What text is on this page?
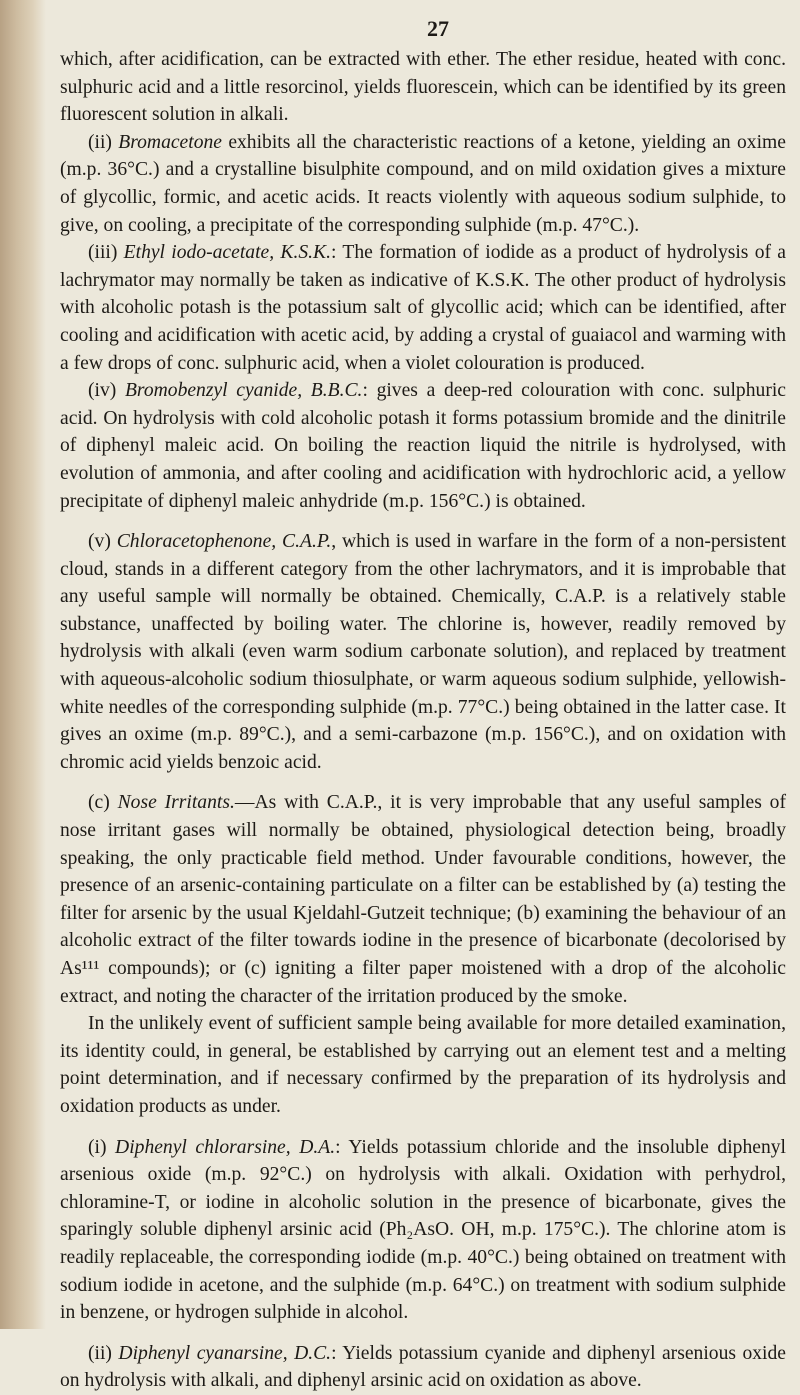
27

which, after acidification, can be extracted with ether. The ether residue, heated with conc. sulphuric acid and a little resorcinol, yields fluorescein, which can be identified by its green fluorescent solution in alkali.

(ii) Bromacetone exhibits all the characteristic reactions of a ketone, yielding an oxime (m.p. 36°C.) and a crystalline bisulphite compound, and on mild oxidation gives a mixture of glycollic, formic, and acetic acids. It reacts violently with aqueous sodium sulphide, to give, on cooling, a precipitate of the corresponding sulphide (m.p. 47°C.).

(iii) Ethyl iodo-acetate, K.S.K.: The formation of iodide as a product of hydrolysis of a lachrymator may normally be taken as indicative of K.S.K. The other product of hydrolysis with alcoholic potash is the potassium salt of glycollic acid; which can be identified, after cooling and acidification with acetic acid, by adding a crystal of guaiacol and warming with a few drops of conc. sulphuric acid, when a violet colouration is produced.

(iv) Bromobenzyl cyanide, B.B.C.: gives a deep-red colouration with conc. sulphuric acid. On hydrolysis with cold alcoholic potash it forms potassium bromide and the dinitrile of diphenyl maleic acid. On boiling the reaction liquid the nitrile is hydrolysed, with evolution of ammonia, and after cooling and acidification with hydrochloric acid, a yellow precipitate of diphenyl maleic anhydride (m.p. 156°C.) is obtained.

(v) Chloracetophenone, C.A.P., which is used in warfare in the form of a non-persistent cloud, stands in a different category from the other lachrymators, and it is improbable that any useful sample will normally be obtained. Chemically, C.A.P. is a relatively stable substance, unaffected by boiling water. The chlorine is, however, readily removed by hydrolysis with alkali (even warm sodium carbonate solution), and replaced by treatment with aqueous-alcoholic sodium thiosulphate, or warm aqueous sodium sulphide, yellowish-white needles of the corresponding sulphide (m.p. 77°C.) being obtained in the latter case. It gives an oxime (m.p. 89°C.), and a semi-carbazone (m.p. 156°C.), and on oxidation with chromic acid yields benzoic acid.

(c) Nose Irritants.—As with C.A.P., it is very improbable that any useful samples of nose irritant gases will normally be obtained, physiological detection being, broadly speaking, the only practicable field method. Under favourable conditions, however, the presence of an arsenic-containing particulate on a filter can be established by (a) testing the filter for arsenic by the usual Kjeldahl-Gutzeit technique; (b) examining the behaviour of an alcoholic extract of the filter towards iodine in the presence of bicarbonate (decolorised by As¹¹¹ compounds); or (c) igniting a filter paper moistened with a drop of the alcoholic extract, and noting the character of the irritation produced by the smoke.

In the unlikely event of sufficient sample being available for more detailed examination, its identity could, in general, be established by carrying out an element test and a melting point determination, and if necessary confirmed by the preparation of its hydrolysis and oxidation products as under.

(i) Diphenyl chlorarsine, D.A.: Yields potassium chloride and the insoluble diphenyl arsenious oxide (m.p. 92°C.) on hydrolysis with alkali. Oxidation with perhydrol, chloramine-T, or iodine in alcoholic solution in the presence of bicarbonate, gives the sparingly soluble diphenyl arsinic acid (Ph₂AsO. OH, m.p. 175°C.). The chlorine atom is readily replaceable, the corresponding iodide (m.p. 40°C.) being obtained on treatment with sodium iodide in acetone, and the sulphide (m.p. 64°C.) on treatment with sodium sulphide in benzene, or hydrogen sulphide in alcohol.

(ii) Diphenyl cyanarsine, D.C.: Yields potassium cyanide and diphenyl arsenious oxide on hydrolysis with alkali, and diphenyl arsinic acid on oxidation as above.
